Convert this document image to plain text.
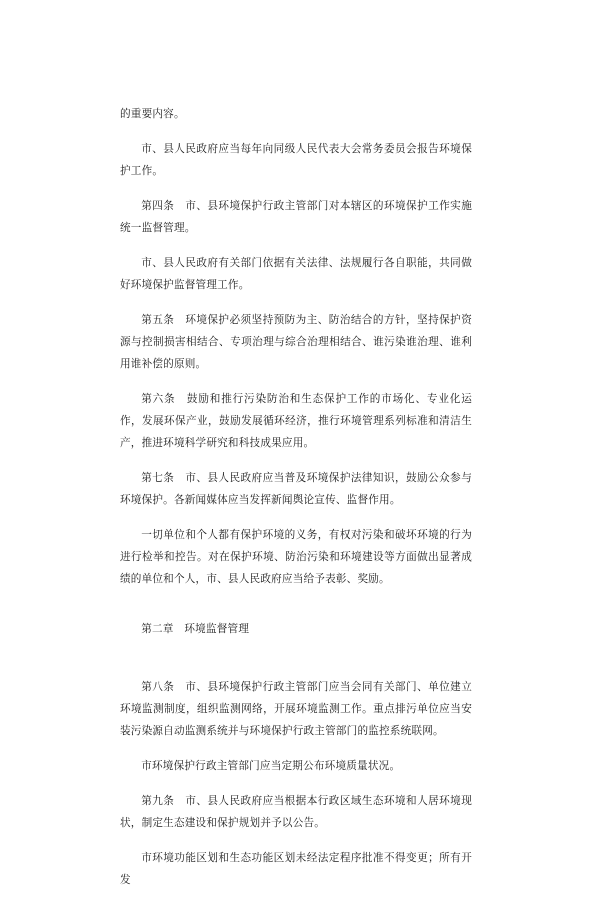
的重要内容。

市、县人民政府应当每年向同级人民代表大会常务委员会报告环境保护工作。

第四条　市、县环境保护行政主管部门对本辖区的环境保护工作实施统一监督管理。

市、县人民政府有关部门依据有关法律、法规履行各自职能，共同做好环境保护监督管理工作。

第五条　环境保护必须坚持预防为主、防治结合的方针，坚持保护资源与控制损害相结合、专项治理与综合治理相结合、谁污染谁治理、谁利用谁补偿的原则。

第六条　鼓励和推行污染防治和生态保护工作的市场化、专业化运作，发展环保产业，鼓励发展循环经济，推行环境管理系列标准和清洁生产，推进环境科学研究和科技成果应用。

第七条　市、县人民政府应当普及环境保护法律知识，鼓励公众参与环境保护。各新闻媒体应当发挥新闻舆论宣传、监督作用。

一切单位和个人都有保护环境的义务，有权对污染和破坏环境的行为进行检举和控告。对在保护环境、防治污染和环境建设等方面做出显著成绩的单位和个人，市、县人民政府应当给予表彰、奖励。

第二章　环境监督管理

第八条　市、县环境保护行政主管部门应当会同有关部门、单位建立环境监测制度，组织监测网络，开展环境监测工作。重点排污单位应当安装污染源自动监测系统并与环境保护行政主管部门的监控系统联网。

市环境保护行政主管部门应当定期公布环境质量状况。

第九条　市、县人民政府应当根据本行政区域生态环境和人居环境现状，制定生态建设和保护规划并予以公告。

市环境功能区划和生态功能区划未经法定程序批准不得变更；所有开发
